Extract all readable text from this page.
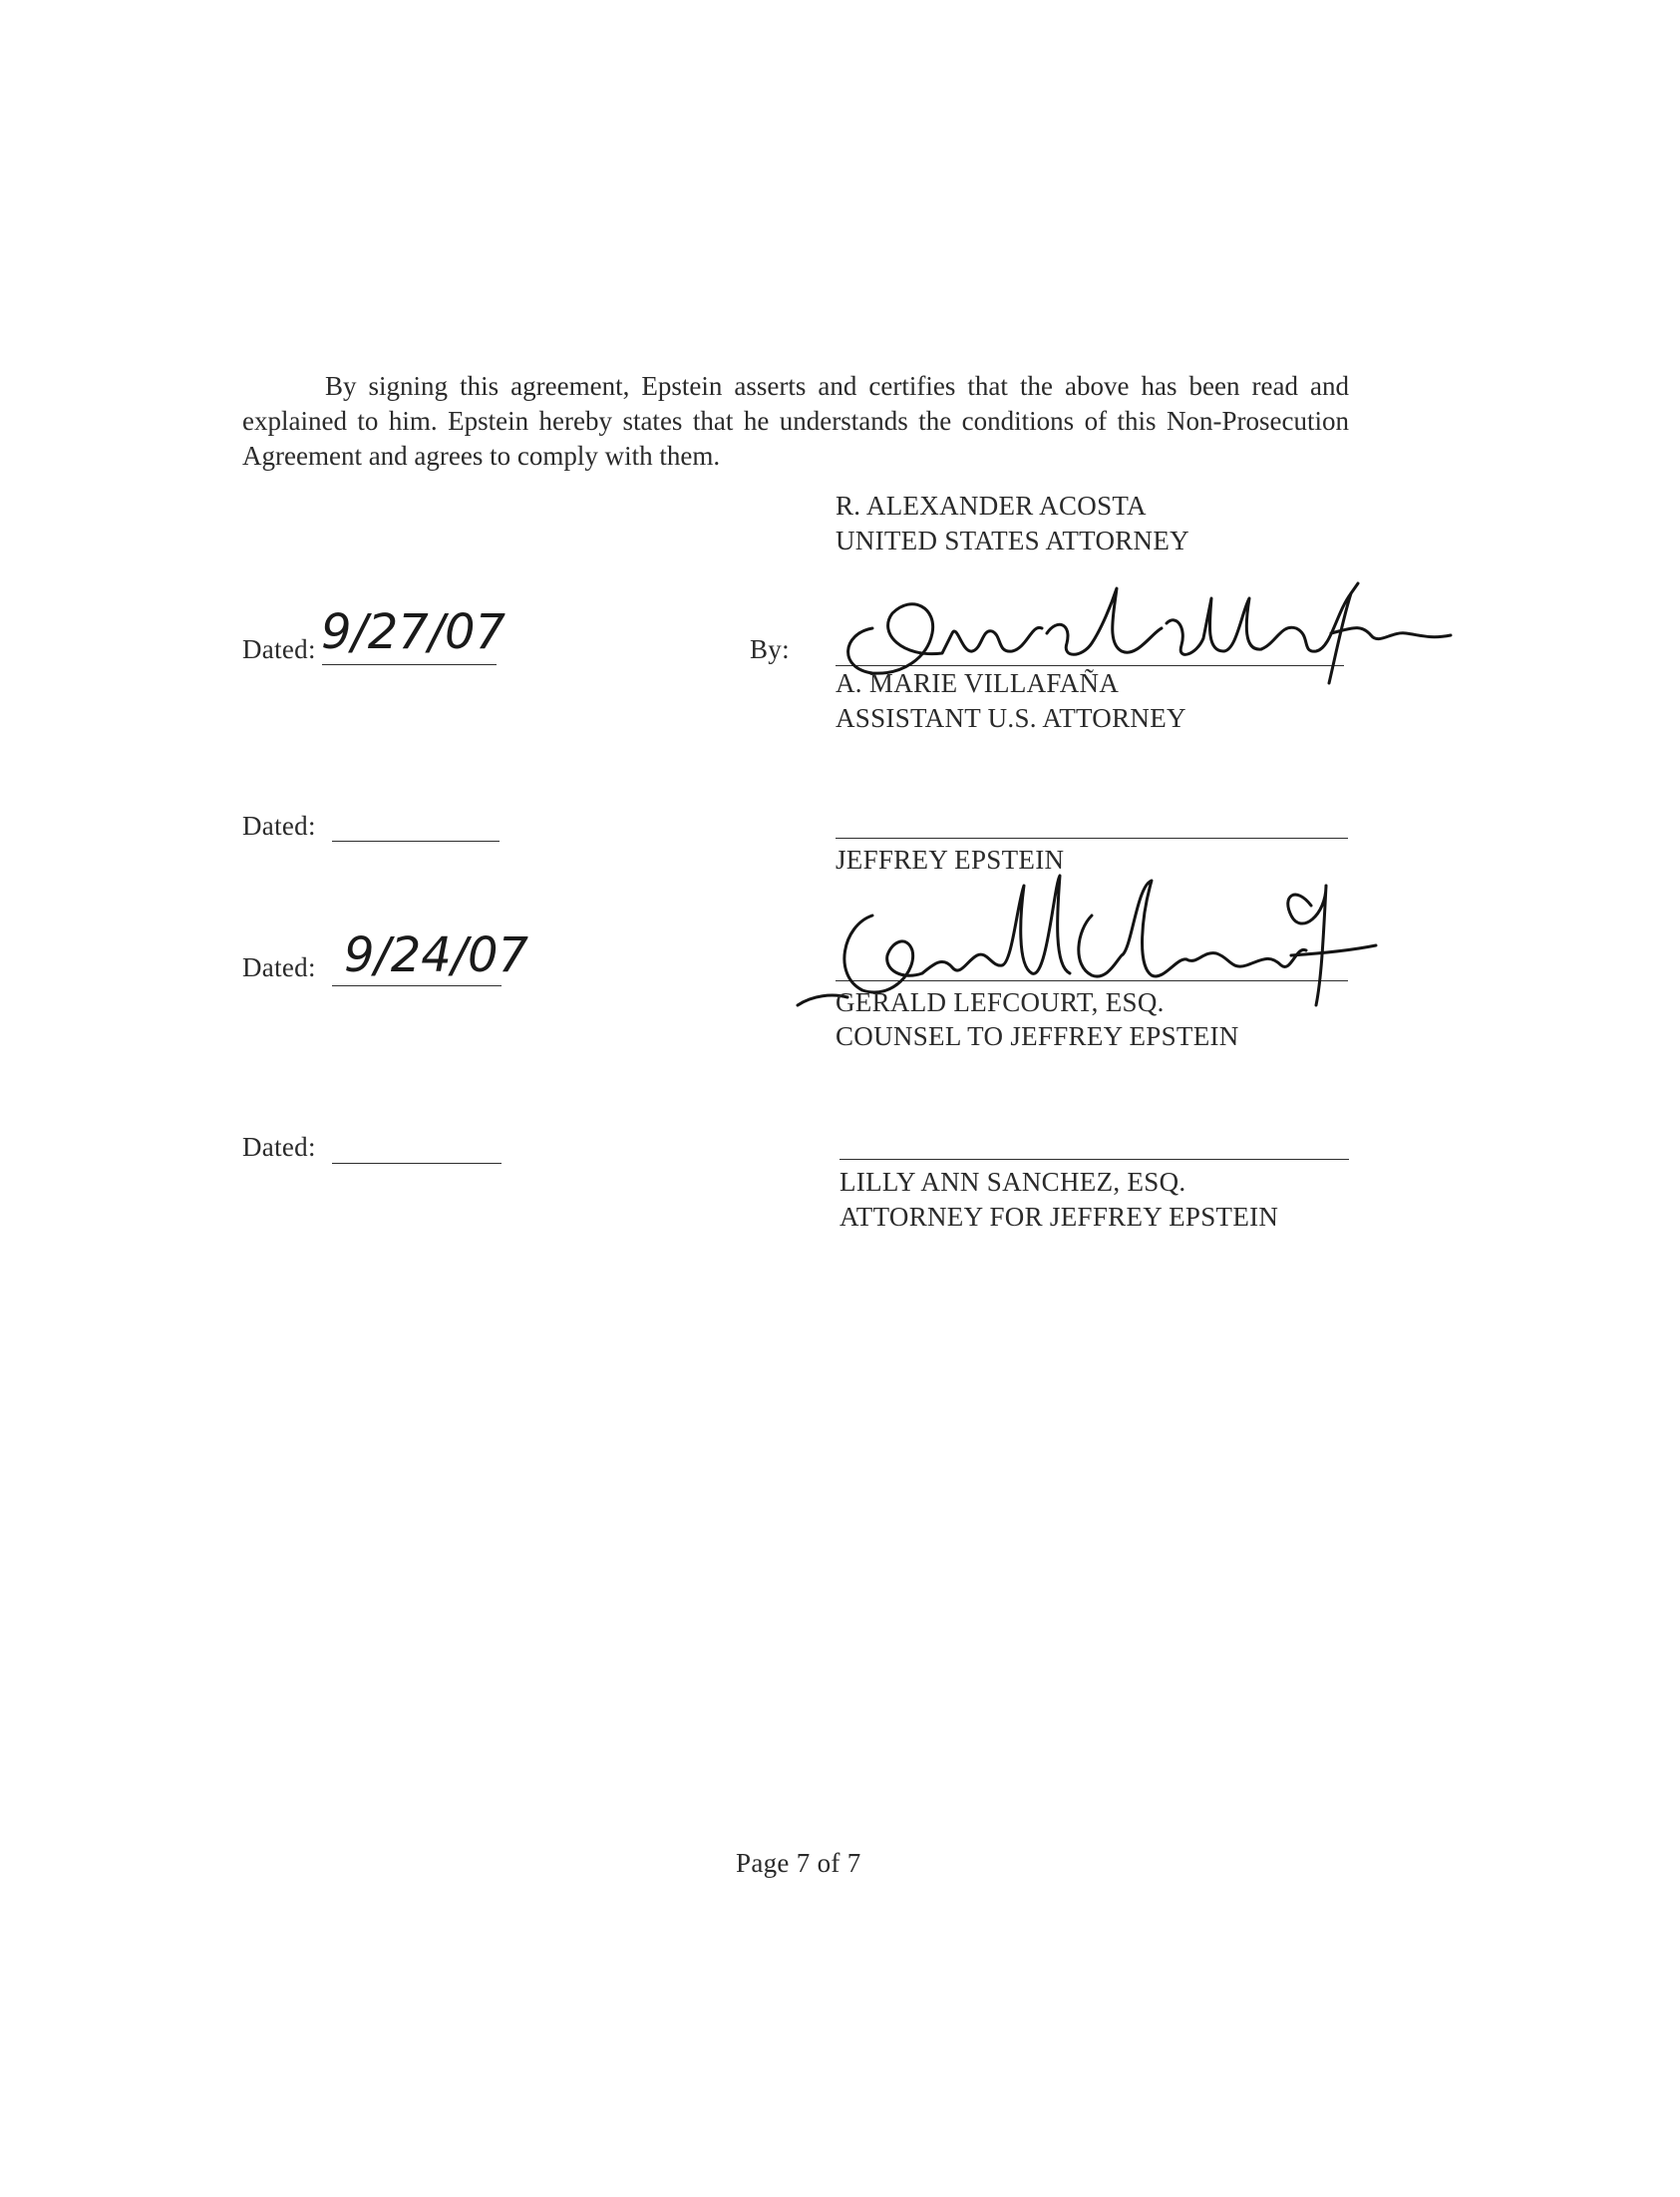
By signing this agreement, Epstein asserts and certifies that the above has been read and explained to him. Epstein hereby states that he understands the conditions of this Non-Prosecution Agreement and agrees to comply with them.

R. ALEXANDER ACOSTA
UNITED STATES ATTORNEY
Dated: 9/27/07	By:
A. MARIE VILLAFAÑA
ASSISTANT U.S. ATTORNEY
Dated:
JEFFREY EPSTEIN
Dated: 9/24/07
GERALD LEFCOURT, ESQ.
COUNSEL TO JEFFREY EPSTEIN
Dated:
LILLY ANN SANCHEZ, ESQ.
ATTORNEY FOR JEFFREY EPSTEIN
Page 7 of 7
